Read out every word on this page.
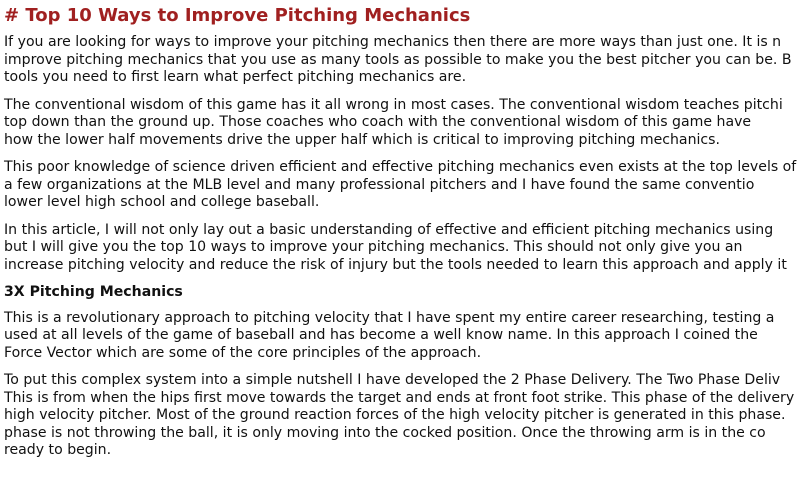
# Top 10 Ways to Improve Pitching Mechanics

If you are looking for ways to improve your pitching mechanics then there are more ways than just one. It is n
improve pitching mechanics that you use as many tools as possible to make you the best pitcher you can be. B
tools you need to first learn what perfect pitching mechanics are.

The conventional wisdom of this game has it all wrong in most cases. The conventional wisdom teaches pitchi
top down than the ground up. Those coaches who coach with the conventional wisdom of this game have
how the lower half movements drive the upper half which is critical to improving pitching mechanics.

This poor knowledge of science driven efficient and effective pitching mechanics even exists at the top levels of
a few organizations at the MLB level and many professional pitchers and I have found the same conventio
lower level high school and college baseball.

In this article, I will not only lay out a basic understanding of effective and efficient pitching mechanics using
but I will give you the top 10 ways to improve your pitching mechanics. This should not only give you an
increase pitching velocity and reduce the risk of injury but the tools needed to learn this approach and apply it

3X Pitching Mechanics

This is a revolutionary approach to pitching velocity that I have spent my entire career researching, testing a
used at all levels of the game of baseball and has become a well know name. In this approach I coined the
Force Vector which are some of the core principles of the approach.

To put this complex system into a simple nutshell I have developed the 2 Phase Delivery. The Two Phase Deliv
This is from when the hips first move towards the target and ends at front foot strike. This phase of the delivery
high velocity pitcher. Most of the ground reaction forces of the high velocity pitcher is generated in this phase.
phase is not throwing the ball, it is only moving into the cocked position. Once the throwing arm is in the co
ready to begin.
